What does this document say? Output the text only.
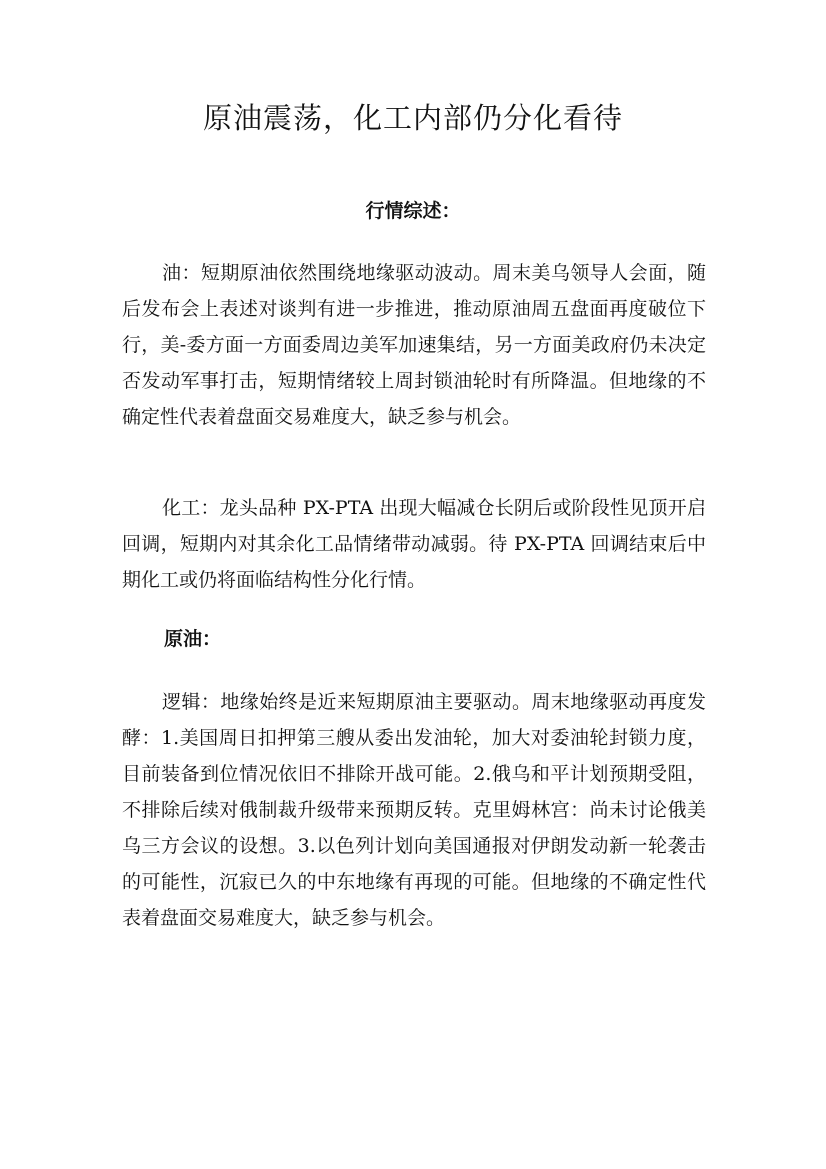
原油震荡，化工内部仍分化看待
行情综述：

油：短期原油依然围绕地缘驱动波动。周末美乌领导人会面，随后发布会上表述对谈判有进一步推进，推动原油周五盘面再度破位下行，美-委方面一方面委周边美军加速集结，另一方面美政府仍未决定否发动军事打击，短期情绪较上周封锁油轮时有所降温。但地缘的不确定性代表着盘面交易难度大，缺乏参与机会。

化工：龙头品种 PX-PTA 出现大幅减仓长阴后或阶段性见顶开启回调，短期内对其余化工品情绪带动减弱。待 PX-PTA 回调结束后中期化工或仍将面临结构性分化行情。

原油：

逻辑：地缘始终是近来短期原油主要驱动。周末地缘驱动再度发酵：1.美国周日扣押第三艘从委出发油轮，加大对委油轮封锁力度，目前装备到位情况依旧不排除开战可能。2.俄乌和平计划预期受阻，不排除后续对俄制裁升级带来预期反转。克里姆林宫：尚未讨论俄美乌三方会议的设想。3.以色列计划向美国通报对伊朗发动新一轮袭击的可能性，沉寂已久的中东地缘有再现的可能。但地缘的不确定性代表着盘面交易难度大，缺乏参与机会。
